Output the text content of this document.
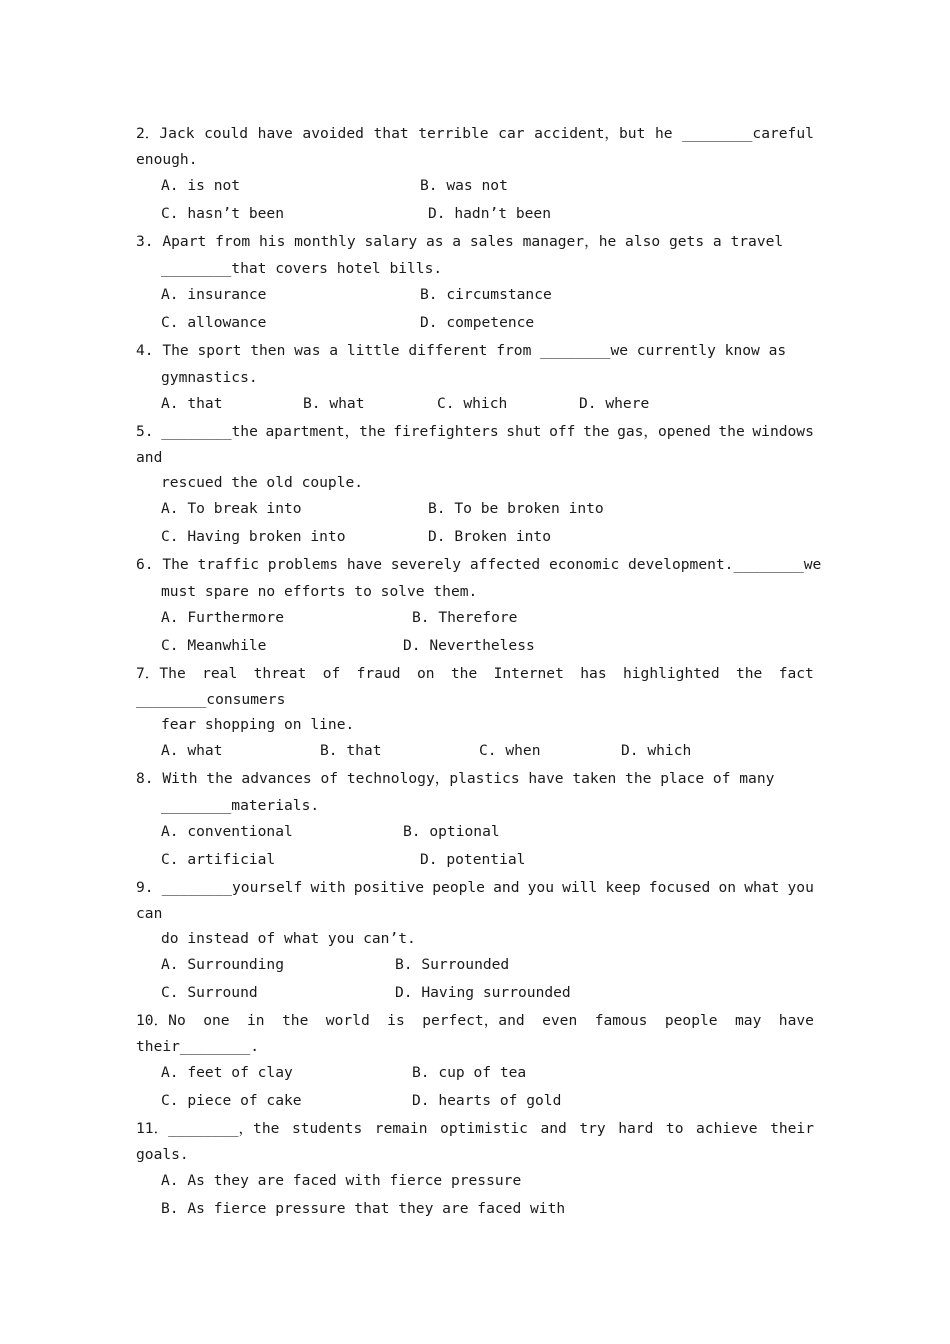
2．Jack could have avoided that terrible car accident，but he ________careful
enough.
A. is not	B. was not
C. hasn’t been	D. hadn’t been
3. Apart from his monthly salary as a sales manager，he also gets a travel
________that covers hotel bills.
A. insurance	B. circumstance
C. allowance	D. competence
4. The sport then was a little different from ________we currently know as
gymnastics.
A. that	B. what	C. which	D. where
5. ________the apartment，the firefighters shut off the gas，opened the windows
and
rescued the old couple.
A. To break into	B. To be broken into
C. Having broken into	D. Broken into
6. The traffic problems have severely affected economic development.________we
must spare no efforts to solve them.
A. Furthermore	B. Therefore
C. Meanwhile	D. Nevertheless
7．The real threat of fraud on the Internet has highlighted the fact
________consumers
fear shopping on line.
A. what	B. that	C. when	D. which
8. With the advances of technology，plastics have taken the place of many
________materials.
A. conventional	B. optional
C. artificial	D. potential
9. ________yourself with positive people and you will keep focused on what you
can
do instead of what you can’t.
A. Surrounding	B. Surrounded
C. Surround	D. Having surrounded
10．No one in the world is perfect，and even famous people may have
their________.
A. feet of clay	B. cup of tea
C. piece of cake	D. hearts of gold
11．________，the students remain optimistic and try hard to achieve their
goals.
A. As they are faced with fierce pressure
B. As fierce pressure that they are faced with
